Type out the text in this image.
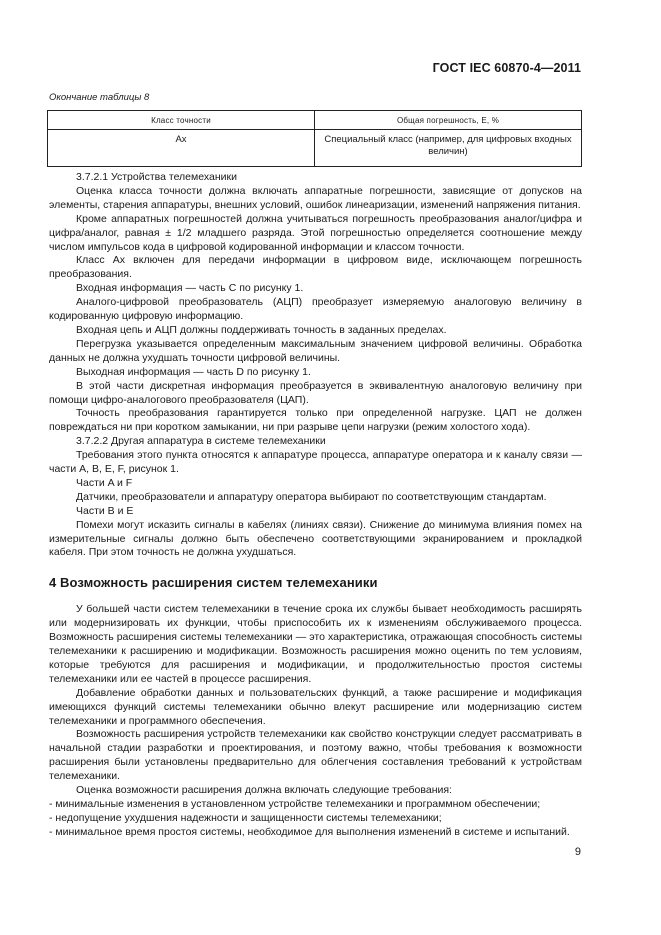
ГОСТ IEC 60870-4—2011
Окончание таблицы 8
Класс точности	Общая погрешность, E, %
Ax	Специальный класс (например, для цифровых входных величин)

3.7.2.1 Устройства телемеханики

Оценка класса точности должна включать аппаратные погрешности, зависящие от допусков на элементы, старения аппаратуры, внешних условий, ошибок линеаризации, изменений напряжения питания.

Кроме аппаратных погрешностей должна учитываться погрешность преобразования аналог/цифра и цифра/аналог, равная ± 1/2 младшего разряда. Этой погрешностью определяется соотношение между числом импульсов кода в цифровой кодированной информации и классом точности.

Класс Ax включен для передачи информации в цифровом виде, исключающем погрешность преобразования.

Входная информация — часть C по рисунку 1.

Аналого-цифровой преобразователь (АЦП) преобразует измеряемую аналоговую величину в кодированную цифровую информацию.

Входная цепь и АЦП должны поддерживать точность в заданных пределах.

Перегрузка указывается определенным максимальным значением цифровой величины. Обработка данных не должна ухудшать точности цифровой величины.

Выходная информация — часть D по рисунку 1.

В этой части дискретная информация преобразуется в эквивалентную аналоговую величину при помощи цифро-аналогового преобразователя (ЦАП).

Точность преобразования гарантируется только при определенной нагрузке. ЦАП не должен повреждаться ни при коротком замыкании, ни при разрыве цепи нагрузки (режим холостого хода).

3.7.2.2 Другая аппаратура в системе телемеханики

Требования этого пункта относятся к аппаратуре процесса, аппаратуре оператора и к каналу связи — части A, B, E, F, рисунок 1.

Части A и F

Датчики, преобразователи и аппаратуру оператора выбирают по соответствующим стандартам.

Части B и E

Помехи могут исказить сигналы в кабелях (линиях связи). Снижение до минимума влияния помех на измерительные сигналы должно быть обеспечено соответствующими экранированием и прокладкой кабеля. При этом точность не должна ухудшаться.

4 Возможность расширения систем телемеханики

У большей части систем телемеханики в течение срока их службы бывает необходимость расширять или модернизировать их функции, чтобы приспособить их к изменениям обслуживаемого процесса. Возможность расширения системы телемеханики — это характеристика, отражающая способность системы телемеханики к расширению и модификации. Возможность расширения можно оценить по тем условиям, которые требуются для расширения и модификации, и продолжительностью простоя системы телемеханики или ее частей в процессе расширения.

Добавление обработки данных и пользовательских функций, а также расширение и модификация имеющихся функций системы телемеханики обычно влекут расширение или модернизацию систем телемеханики и программного обеспечения.

Возможность расширения устройств телемеханики как свойство конструкции следует рассматривать в начальной стадии разработки и проектирования, и поэтому важно, чтобы требования к возможности расширения были установлены предварительно для облегчения составления требований к устройствам телемеханики.

Оценка возможности расширения должна включать следующие требования:

- минимальные изменения в установленном устройстве телемеханики и программном обеспечении;

- недопущение ухудшения надежности и защищенности системы телемеханики;

- минимальное время простоя системы, необходимое для выполнения изменений в системе и испытаний.

9
